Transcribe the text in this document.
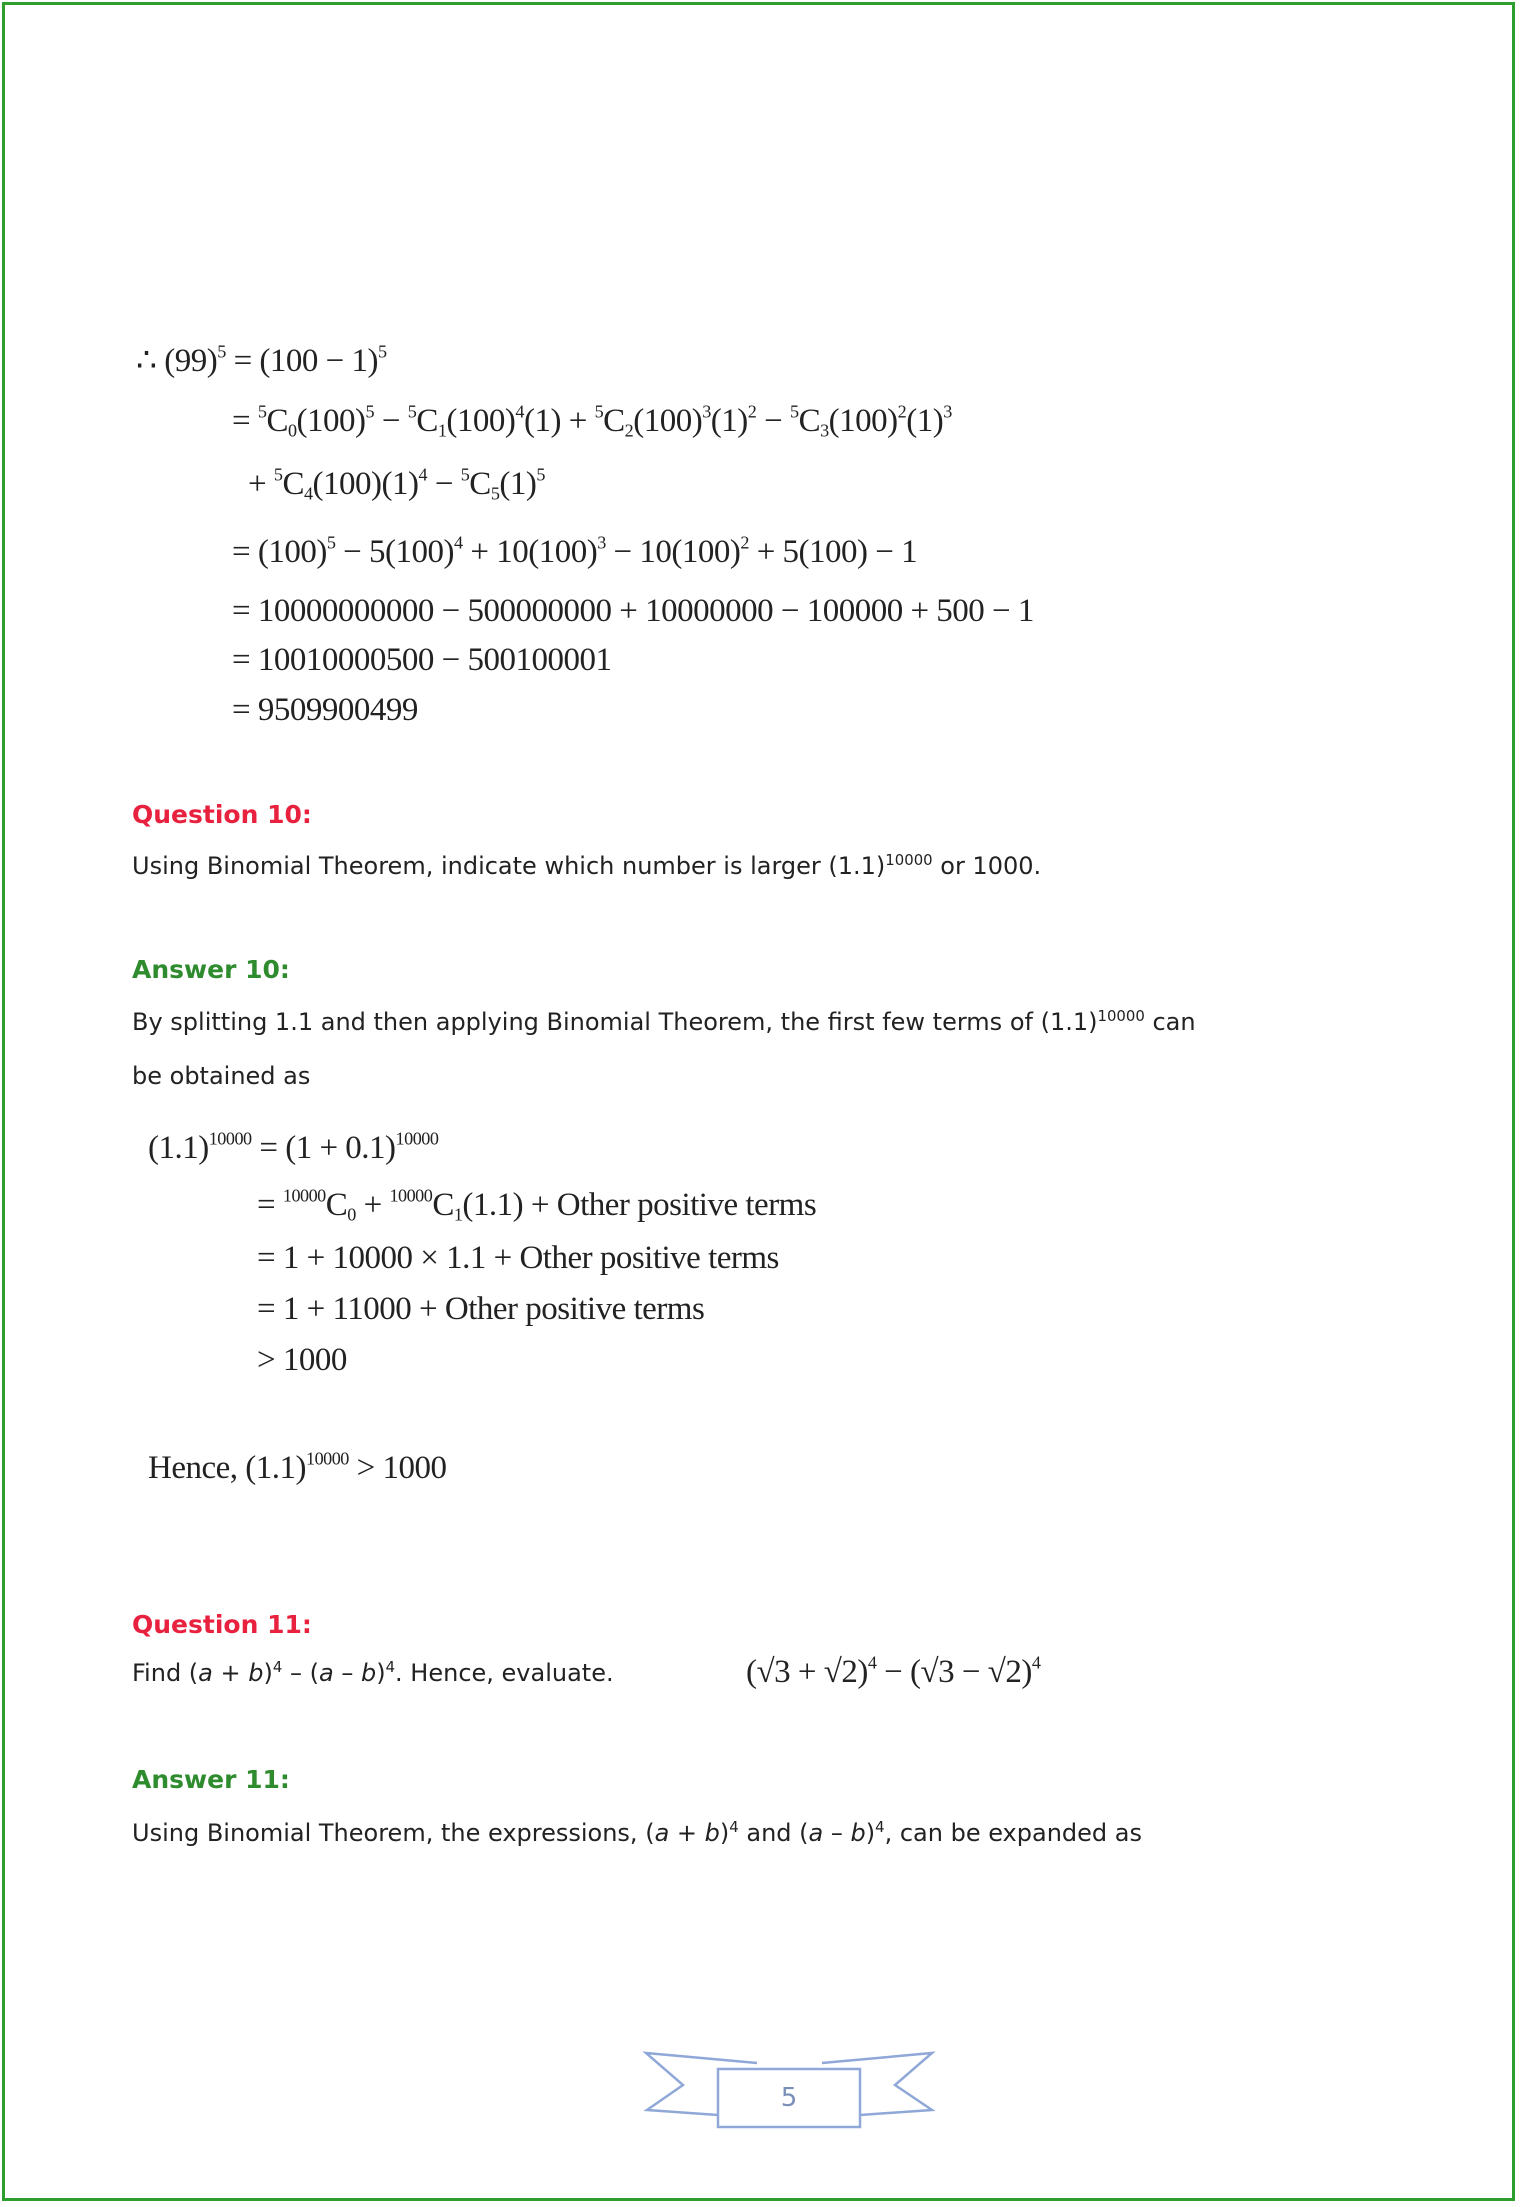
∴ $(99)^5 = (100 - 1)^5$
= $^5C_0(100)^5 - ^5C_1(100)^4(1) + ^5C_2(100)^3(1)^2 - ^5C_3(100)^2(1)^3$
+ $^5C_4(100)(1)^4 - ^5C_5(1)^5$
= $(100)^5 - 5(100)^4 + 10(100)^3 - 10(100)^2 + 5(100) - 1$
= 10000000000 − 500000000 + 10000000 − 100000 + 500 − 1
= 10010000500 − 500100001
= 9509900499
Question 10:
Using Binomial Theorem, indicate which number is larger $(1.1)^{10000}$ or 1000.
Answer 10:
By splitting 1.1 and then applying Binomial Theorem, the first few terms of $(1.1)^{10000}$ can
be obtained as
$(1.1)^{10000} = (1 + 0.1)^{10000}$
= $^{10000}C_0 + ^{10000}C_1(1.1)$ + Other positive terms
= 1 + 10000 × 1.1 + Other positive terms
= 1 + 11000 + Other positive terms
> 1000
Hence, $(1.1)^{10000} > 1000$
Question 11:
Find $(a + b)^4 - (a - b)^4$. Hence, evaluate.	$(√3 + √2)^4 - (√3 - √2)^4$
Answer 11:
Using Binomial Theorem, the expressions, $(a + b)^4$ and (a – b)$^4$, can be expanded as
5
